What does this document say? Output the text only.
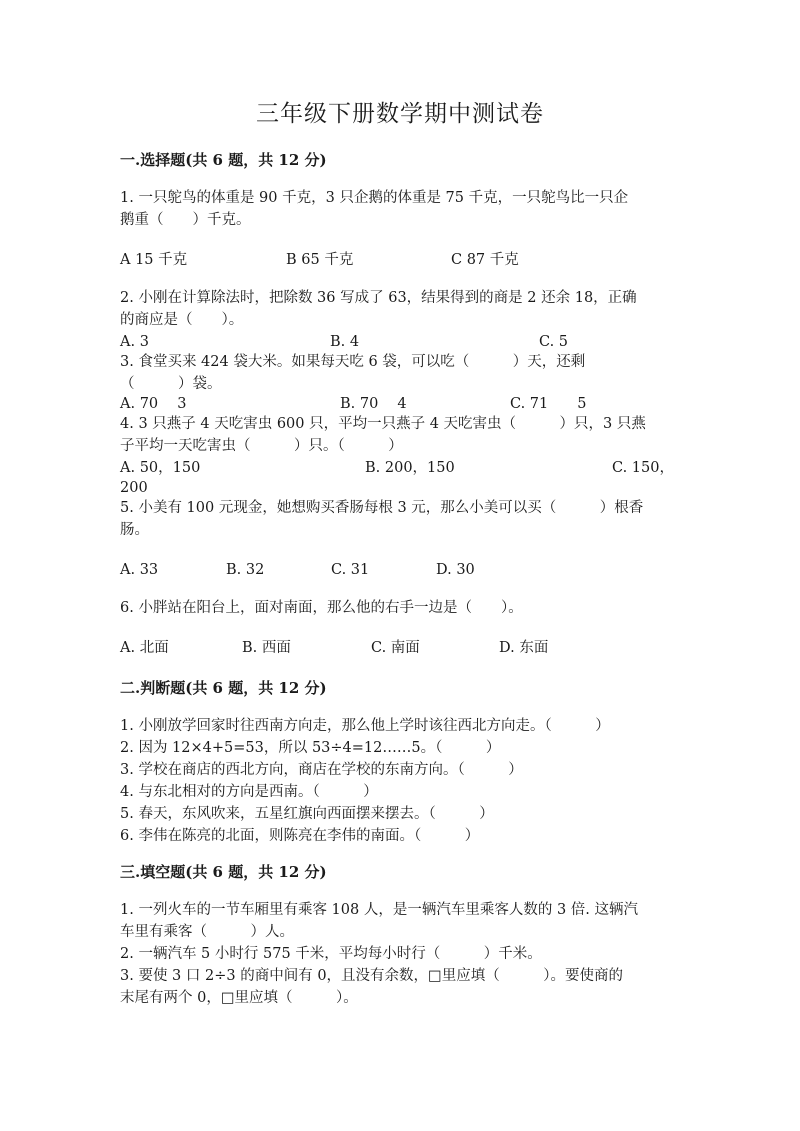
三年级下册数学期中测试卷
一.选择题(共 6 题，共 12 分)
1. 一只鸵鸟的体重是 90 千克，3 只企鹅的体重是 75 千克，一只鸵鸟比一只企
鹅重（　　）千克。
A 15 千克	B 65 千克	C 87 千克
2. 小刚在计算除法时，把除数 36 写成了 63，结果得到的商是 2 还余 18，正确
的商应是（　　）。
A. 3	B. 4	C. 5
3. 食堂买来 424 袋大米。如果每天吃 6 袋，可以吃（　　　）天，还剩
（　　　）袋。
A. 70　 3	B. 70　 4	C. 71　　5
4. 3 只燕子 4 天吃害虫 600 只，平均一只燕子 4 天吃害虫（　　　）只，3 只燕
子平均一天吃害虫（　　　）只。（　　　）
A. 50，150	B. 200，150	C. 150，
200
5. 小美有 100 元现金，她想购买香肠每根 3 元，那么小美可以买（　　　）根香
肠。
A. 33	B. 32	C. 31	D. 30
6. 小胖站在阳台上，面对南面，那么他的右手一边是（　　）。
A. 北面	B. 西面	C. 南面	D. 东面
二.判断题(共 6 题，共 12 分)
1. 小刚放学回家时往西南方向走，那么他上学时该往西北方向走。（　　　）
2. 因为 12×4+5=53，所以 53÷4=12……5。（　　　）
3. 学校在商店的西北方向，商店在学校的东南方向。（　　　）
4. 与东北相对的方向是西南。（　　　）
5. 春天，东风吹来，五星红旗向西面摆来摆去。（　　　）
6. 李伟在陈亮的北面，则陈亮在李伟的南面。（　　　）
三.填空题(共 6 题，共 12 分)
1. 一列火车的一节车厢里有乘客 108 人，是一辆汽车里乘客人数的 3 倍. 这辆汽
车里有乘客（　　　）人。
2. 一辆汽车 5 小时行 575 千米，平均每小时行（　　　）千米。
3. 要使 3 口 2÷3 的商中间有 0，且没有余数，□里应填（　　　）。要使商的
末尾有两个 0，□里应填（　　　）。
